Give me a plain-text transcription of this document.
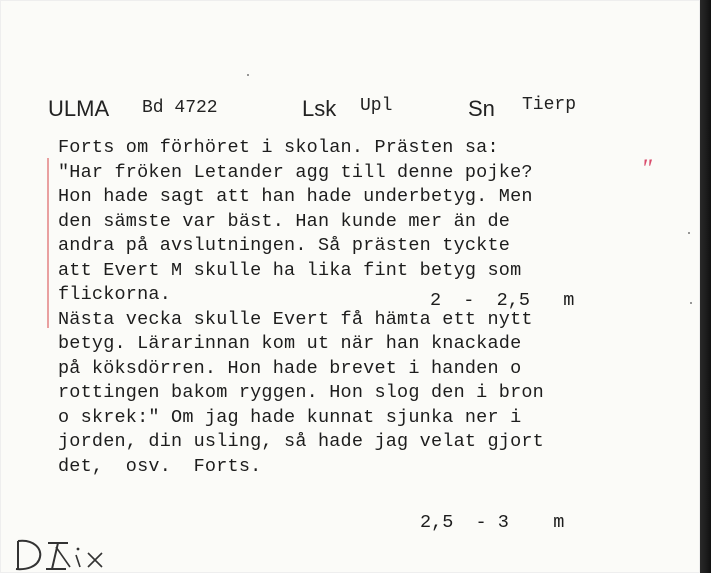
ULMA Bd 4722	Lsk Upl	Sn Tierp
Forts om förhöret i skolan. Prästen sa:
"Har fröken Letander agg till denne pojke?
Hon hade sagt att han hade underbetyg. Men
den sämste var bäst. Han kunde mer än de
andra på avslutningen. Så prästen tyckte
att Evert M skulle ha lika fint betyg som
flickorna.
Nästa vecka skulle Evert få hämta ett nytt
betyg. Lärarinnan kom ut när han knackade
på köksdörren. Hon hade brevet i handen o
rottingen bakom ryggen. Hon slog den i bron
o skrek:" Om jag hade kunnat sjunka ner i
jorden, din usling, så hade jag velat gjort
det,  osv.  Forts.
"
2  -  2,5   m
2,5  - 3    m
